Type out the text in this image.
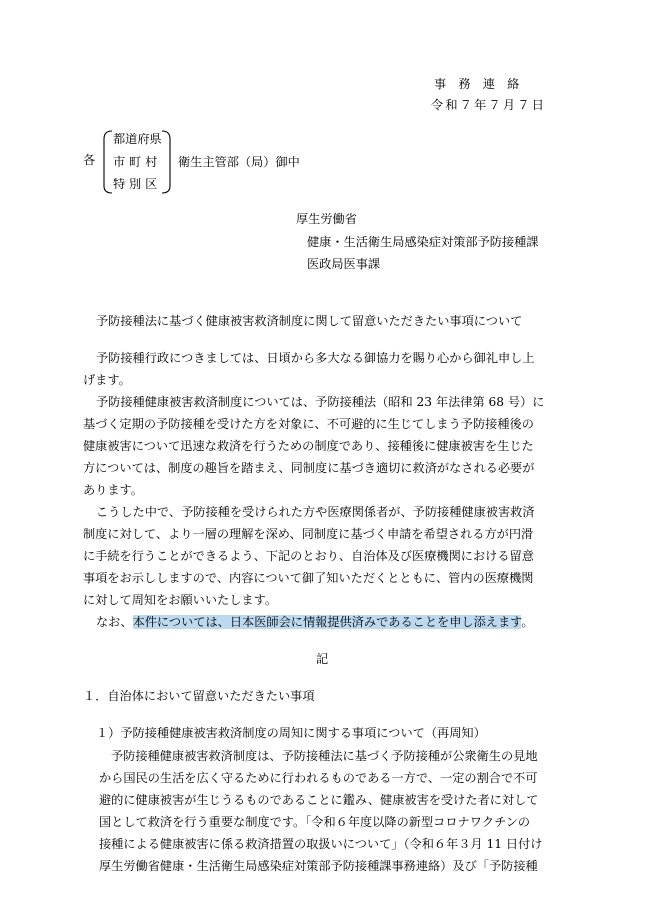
事　務　連　絡
令和７年７月７日
各
都道府県
市 町 村
特 別 区
衛生主管部（局）御中
厚生労働省
健康・生活衛生局感染症対策部予防接種課
医政局医事課
予防接種法に基づく健康被害救済制度に関して留意いただきたい事項について
予防接種行政につきましては、日頃から多大なる御協力を賜り心から御礼申し上
げます。
予防接種健康被害救済制度については、予防接種法（昭和 23 年法律第 68 号）に
基づく定期の予防接種を受けた方を対象に、不可避的に生じてしまう予防接種後の
健康被害について迅速な救済を行うための制度であり、接種後に健康被害を生じた
方については、制度の趣旨を踏まえ、同制度に基づき適切に救済がなされる必要が
あります。
こうした中で、予防接種を受けられた方や医療関係者が、予防接種健康被害救済
制度に対して、より一層の理解を深め、同制度に基づく申請を希望される方が円滑
に手続を行うことができるよう、下記のとおり、自治体及び医療機関における留意
事項をお示ししますので、内容について御了知いただくとともに、管内の医療機関
に対して周知をお願いいたします。
なお、本件については、日本医師会に情報提供済みであることを申し添えます。
記
１．自治体において留意いただきたい事項
１）予防接種健康被害救済制度の周知に関する事項について（再周知）
予防接種健康被害救済制度は、予防接種法に基づく予防接種が公衆衛生の見地
から国民の生活を広く守るために行われるものである一方で、一定の割合で不可
避的に健康被害が生じうるものであることに鑑み、健康被害を受けた者に対して
国として救済を行う重要な制度です。「令和６年度以降の新型コロナワクチンの
接種による健康被害に係る救済措置の取扱いについて」（令和６年３月 11 日付け
厚生労働省健康・生活衛生局感染症対策部予防接種課事務連絡）及び「予防接種
